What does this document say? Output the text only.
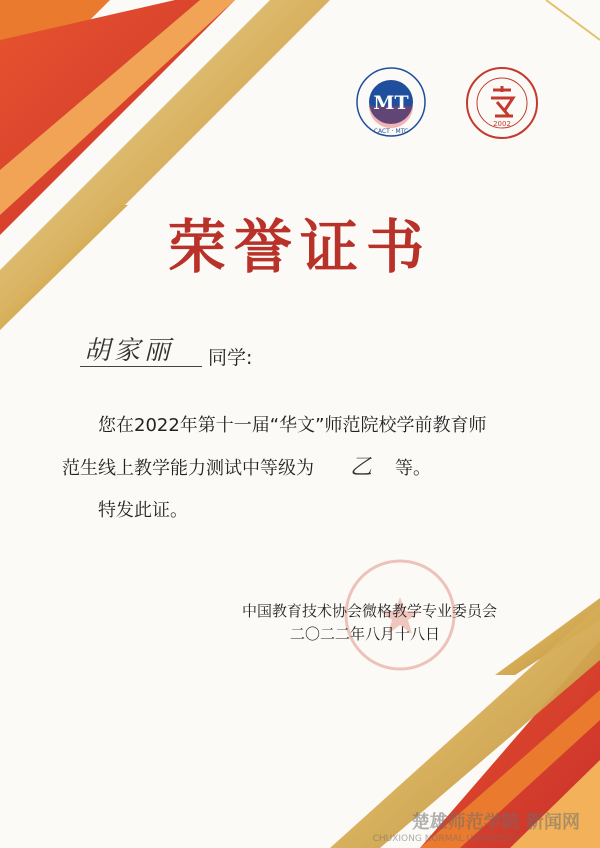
MT
CACT · MTC
2002
荣誉证书
胡家丽 同学:
您在2022年第十一届“华文”师范院校学前教育师
范生线上教学能力测试中等级为 乙 等。
特发此证。
中国教育技术协会微格教学专业委员会
二〇二二年八月十八日
楚雄师范学院 新闻网
CHUXIONG NORMAL UNIVERSITY
